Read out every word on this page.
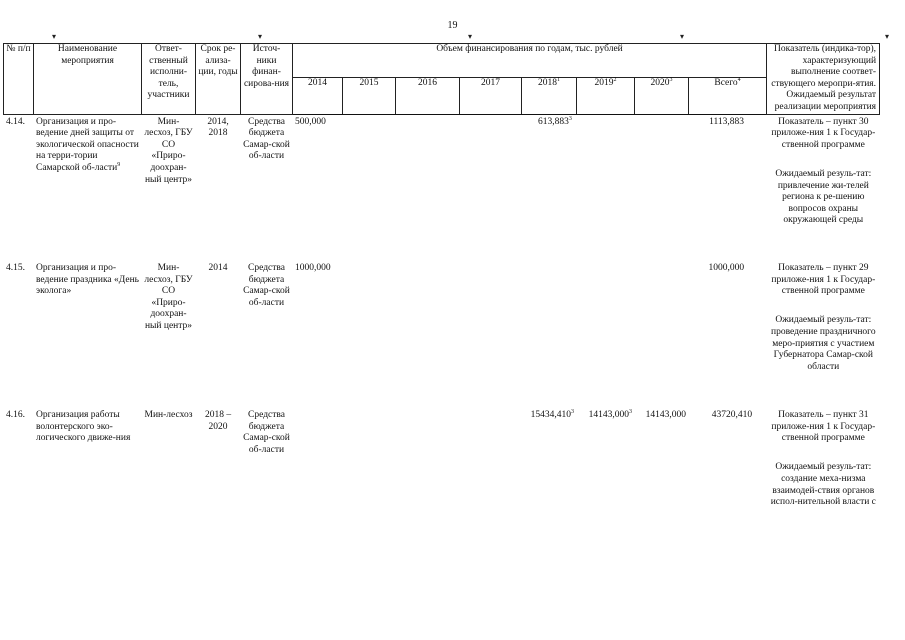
19
▾	▾	▾	▾	▾
№ п/п	Наименование мероприятия	Ответ-ственный исполни-тель, участники	Срок ре-ализа-ции, годы	Источ-ники финан-сирова-ния	Объем финансирования по годам, тыс. рублей								Показатель (индика-тор), характеризующий выполнение соответ-ствующего меропри-ятия. Ожидаемый результат реализации мероприятия
					2014	2015	2016	2017	2018$^1$	2019$^2$	2020$^3$	Всего$^4$
4.14.	Организация и про-ведение дней защиты от экологической опасности на терри-тории Самарской об-ласти$^9$	Мин-лесхоз, ГБУ СО «Приро-доохран-ный центр»	2014, 2018	Средства бюджета Самар-ской об-ласти	500,000				613,883$^3$			1113,883	Показатель – пункт 30 приложе-ния 1 к Государ-ственной программе
Ожидаемый резуль-тат: привлечение жи-телей региона к ре-шению вопросов охраны окружающей среды
4.15.	Организация и про-ведение праздника «День эколога»	Мин-лесхоз, ГБУ СО «Приро-доохран-ный центр»	2014	Средства бюджета Самар-ской об-ласти	1000,000							1000,000	Показатель – пункт 29 приложе-ния 1 к Государ-ственной программе
Ожидаемый резуль-тат: проведение праздничного меро-приятия с участием Губернатора Самар-ской области
4.16.	Организация работы волонтерского эко-логического движе-ния	Мин-лесхоз	2018 – 2020	Средства бюджета Самар-ской об-ласти					15434,410$^3$	14143,000$^3$	14143,000	43720,410	Показатель – пункт 31 приложе-ния 1 к Государ-ственной программе
Ожидаемый резуль-тат: создание меха-низма взаимодей-ствия органов испол-нительной власти с
